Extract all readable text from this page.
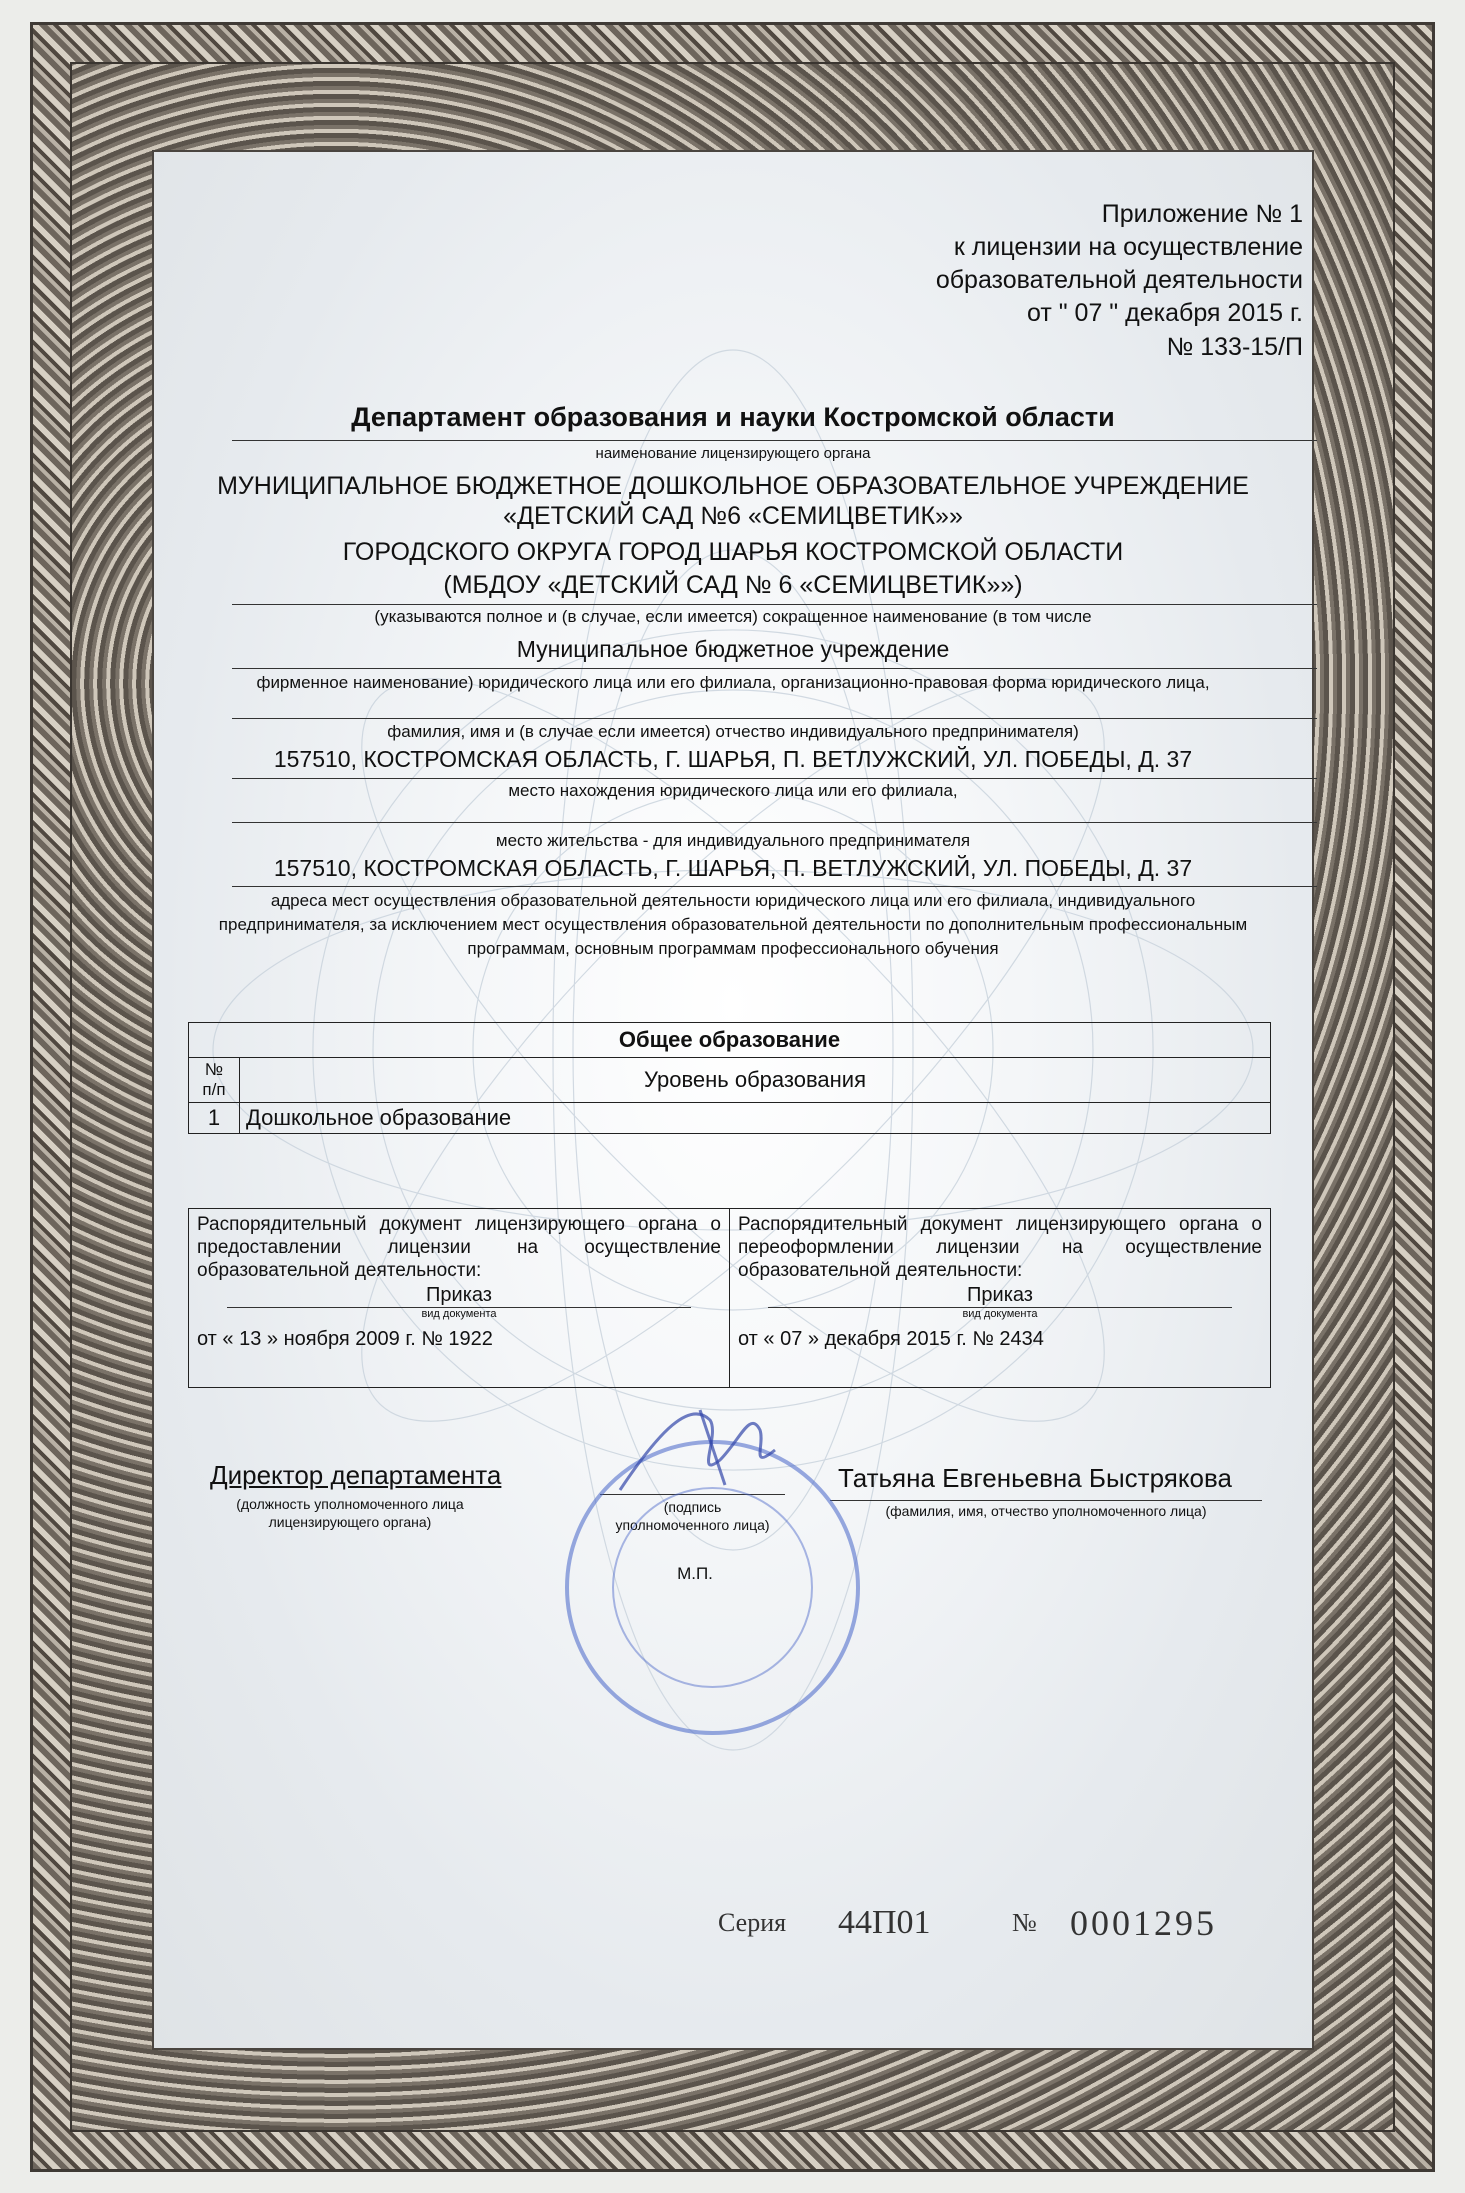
Приложение № 1
к лицензии на осуществление
образовательной деятельности
от " 07 " декабря 2015 г.
№ 133-15/П
Департамент образования и науки Костромской области
наименование лицензирующего органа
МУНИЦИПАЛЬНОЕ БЮДЖЕТНОЕ ДОШКОЛЬНОЕ ОБРАЗОВАТЕЛЬНОЕ УЧРЕЖДЕНИЕ
«ДЕТСКИЙ САД №6 «СЕМИЦВЕТИК»»
ГОРОДСКОГО ОКРУГА ГОРОД ШАРЬЯ КОСТРОМСКОЙ ОБЛАСТИ
(МБДОУ «ДЕТСКИЙ САД № 6 «СЕМИЦВЕТИК»»)
(указываются полное и (в случае, если имеется) сокращенное наименование (в том числе
Муниципальное бюджетное учреждение
фирменное наименование) юридического лица или его филиала, организационно-правовая форма юридического лица,
фамилия, имя и (в случае если имеется) отчество индивидуального предпринимателя)
157510, КОСТРОМСКАЯ ОБЛАСТЬ, Г. ШАРЬЯ, П. ВЕТЛУЖСКИЙ, УЛ. ПОБЕДЫ, Д. 37
место нахождения юридического лица или его филиала,
место жительства - для индивидуального предпринимателя
157510, КОСТРОМСКАЯ ОБЛАСТЬ, Г. ШАРЬЯ, П. ВЕТЛУЖСКИЙ, УЛ. ПОБЕДЫ, Д. 37
адреса мест осуществления образовательной деятельности юридического лица или его филиала, индивидуального
предпринимателя, за исключением мест осуществления образовательной деятельности по дополнительным профессиональным
программам, основным программам профессионального обучения
Общее образование	

№
п/п	Уровень образования
1	Дошкольное образование
Распорядительный документ лицензирующего органа о предоставлении лицензии на осуществление образовательной деятельности:
Приказ
вид документа
от « 13 » ноября 2009 г. № 1922

Распорядительный документ лицензирующего органа о переоформлении лицензии на осуществление образовательной деятельности:
Приказ
вид документа
от « 07 » декабря 2015 г. № 2434
Директор департамента
(должность уполномоченного лица
лицензирующего органа)
(подпись
уполномоченного лица)
М.П.
Татьяна Евгеньевна Быстрякова
(фамилия, имя, отчество уполномоченного лица)
Серия 44П01	№ 0001295
